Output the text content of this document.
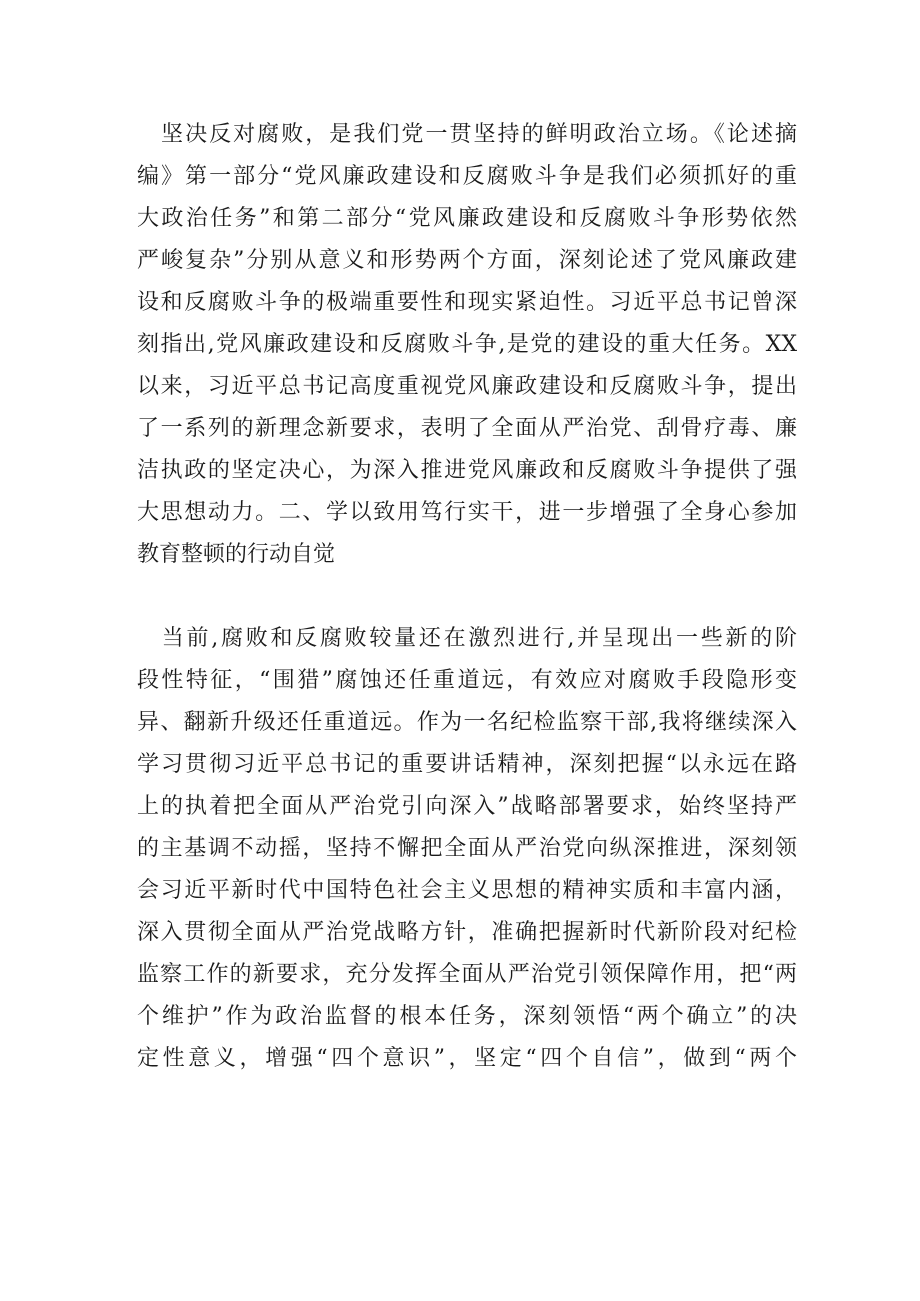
　坚决反对腐败，是我们党一贯坚持的鲜明政治立场。《论述摘
编》第一部分“党风廉政建设和反腐败斗争是我们必须抓好的重
大政治任务”和第二部分“党风廉政建设和反腐败斗争形势依然
严峻复杂”分别从意义和形势两个方面，深刻论述了党风廉政建
设和反腐败斗争的极端重要性和现实紧迫性。习近平总书记曾深
刻指出,党风廉政建设和反腐败斗争,是党的建设的重大任务。XX
以来，习近平总书记高度重视党风廉政建设和反腐败斗争，提出
了一系列的新理念新要求，表明了全面从严治党、刮骨疗毒、廉
洁执政的坚定决心，为深入推进党风廉政和反腐败斗争提供了强
大思想动力。二、学以致用笃行实干，进一步增强了全身心参加
教育整顿的行动自觉
　当前,腐败和反腐败较量还在激烈进行,并呈现出一些新的阶
段性特征，“围猎”腐蚀还任重道远，有效应对腐败手段隐形变
异、翻新升级还任重道远。作为一名纪检监察干部,我将继续深入
学习贯彻习近平总书记的重要讲话精神，深刻把握“以永远在路
上的执着把全面从严治党引向深入”战略部署要求，始终坚持严
的主基调不动摇，坚持不懈把全面从严治党向纵深推进，深刻领
会习近平新时代中国特色社会主义思想的精神实质和丰富内涵，
深入贯彻全面从严治党战略方针，准确把握新时代新阶段对纪检
监察工作的新要求，充分发挥全面从严治党引领保障作用，把“两
个维护”作为政治监督的根本任务，深刻领悟“两个确立”的决
定性意义，增强“四个意识”，坚定“四个自信”，做到“两个
